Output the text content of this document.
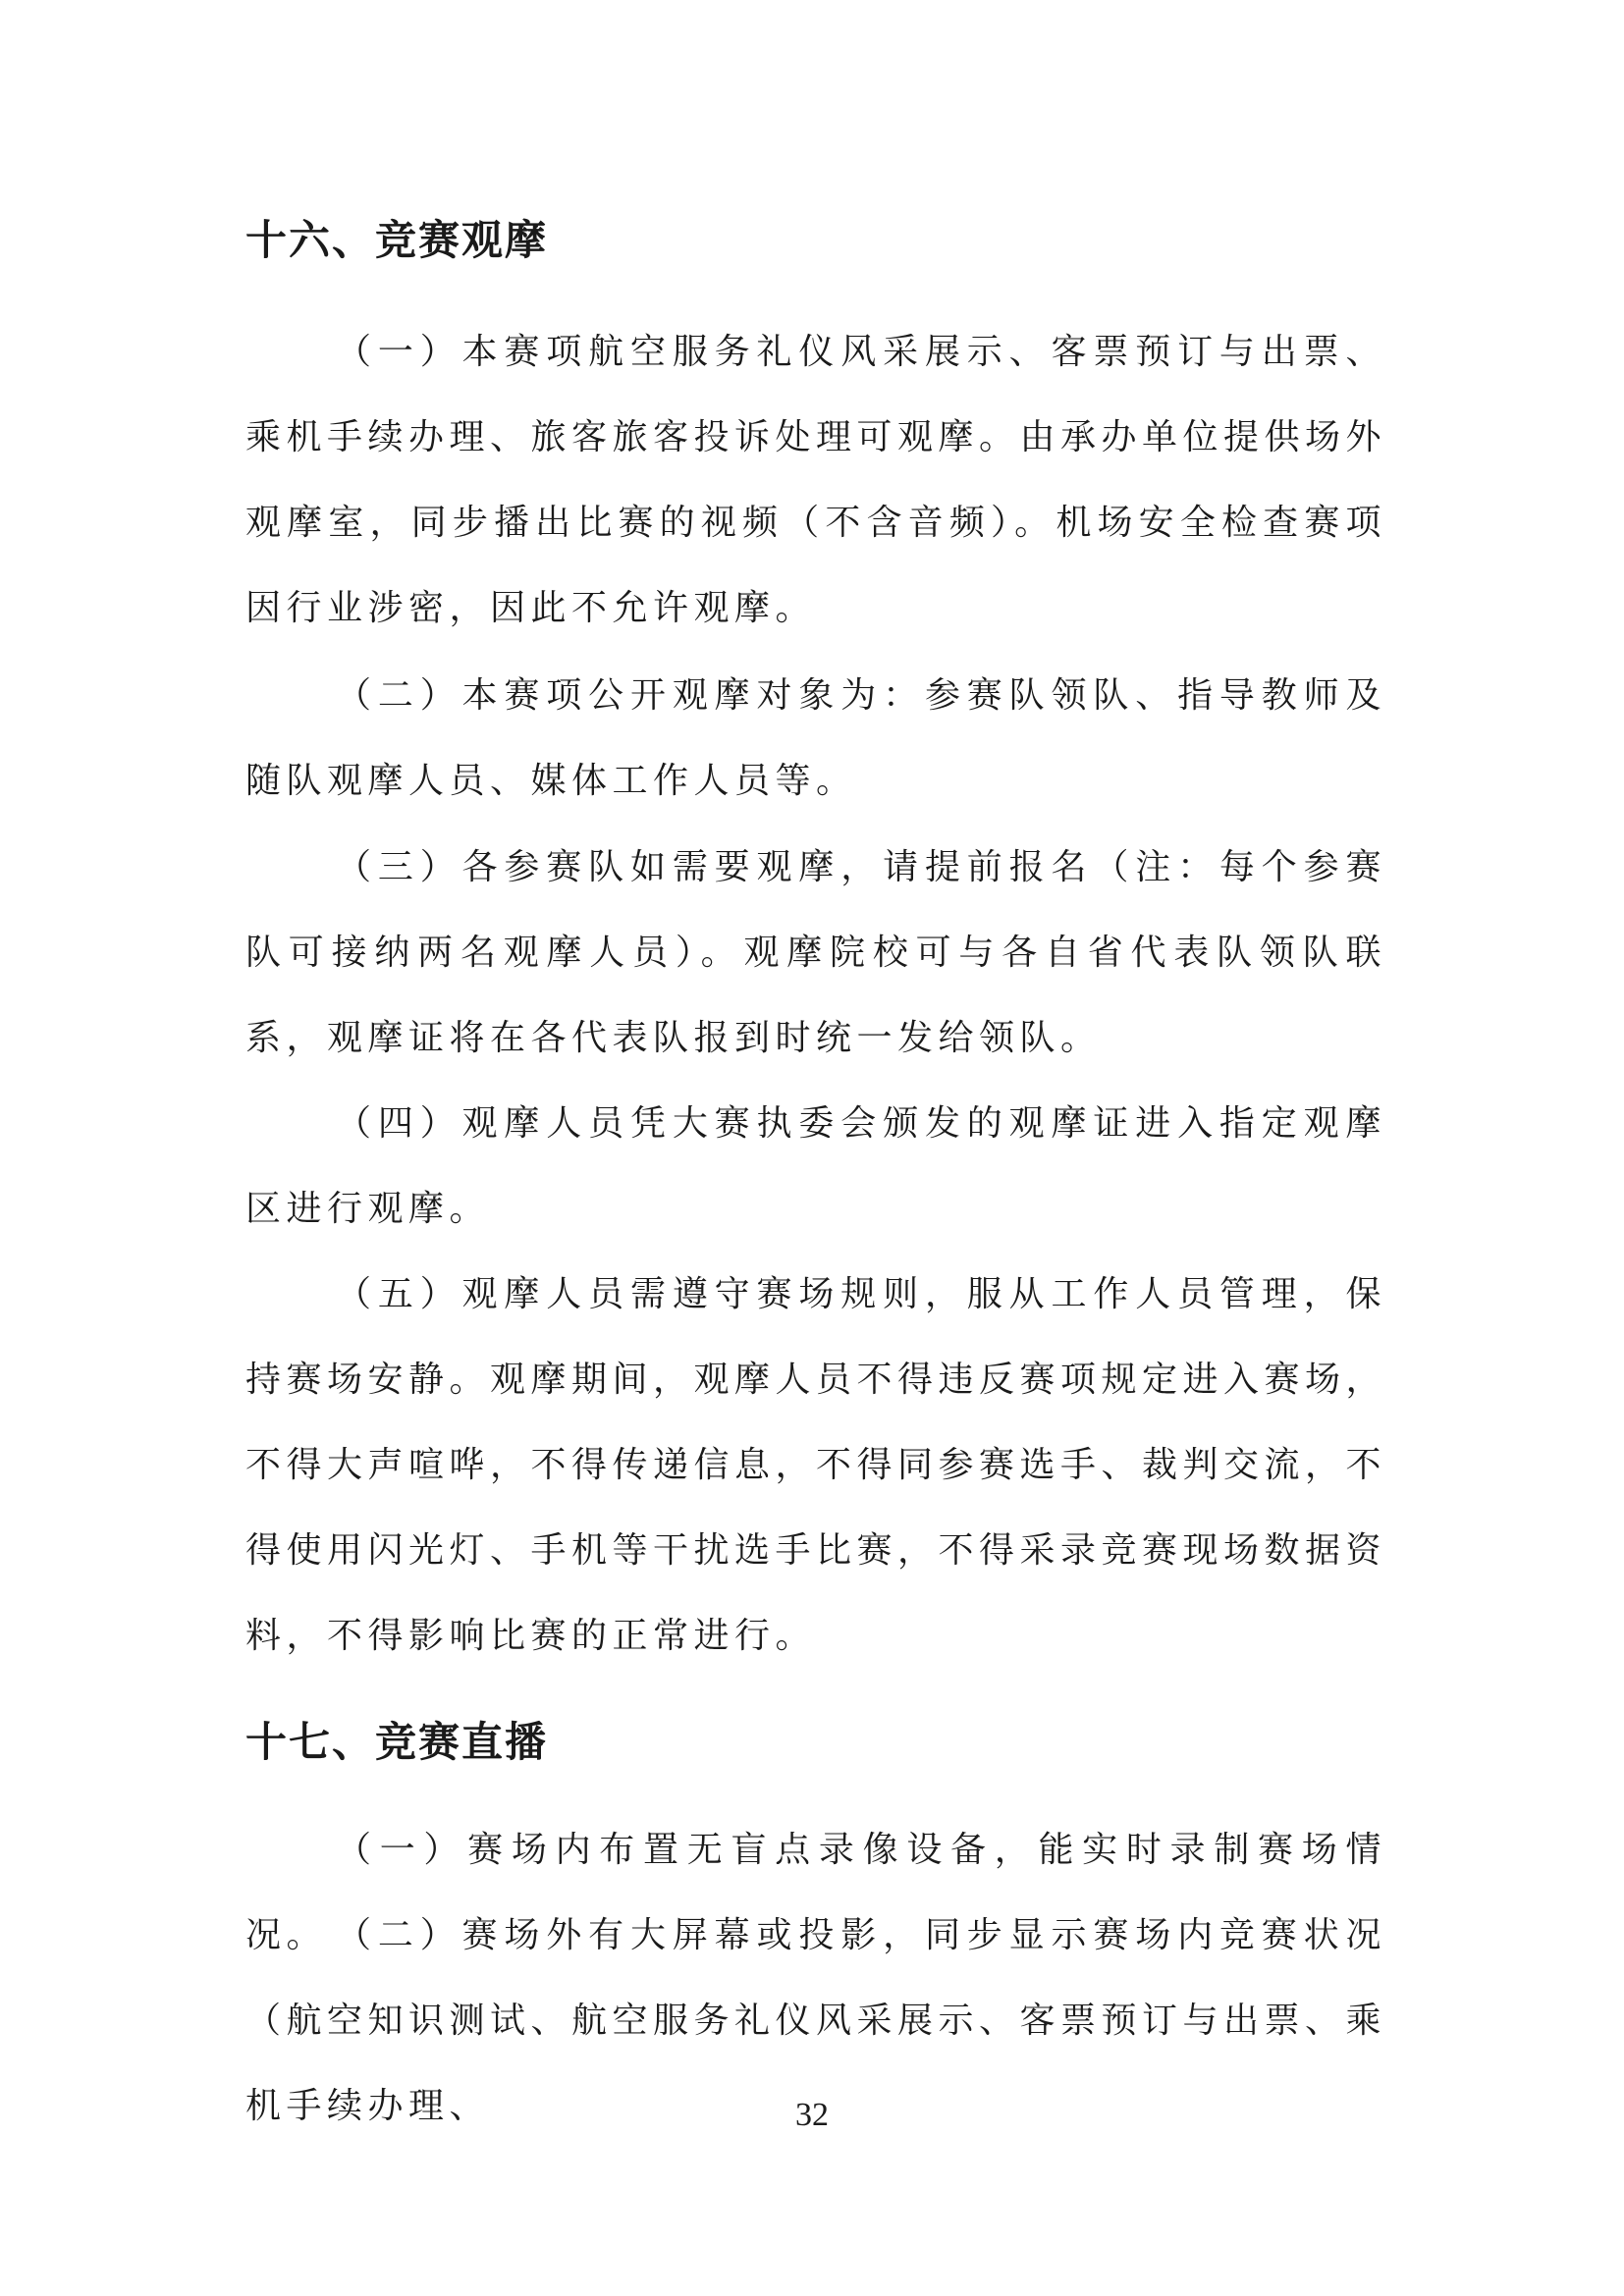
十六、竞赛观摩

（一）本赛项航空服务礼仪风采展示、客票预订与出票、乘机手续办理、旅客旅客投诉处理可观摩。由承办单位提供场外观摩室，同步播出比赛的视频（不含音频）。机场安全检查赛项因行业涉密，因此不允许观摩。

（二）本赛项公开观摩对象为：参赛队领队、指导教师及随队观摩人员、媒体工作人员等。

（三）各参赛队如需要观摩，请提前报名（注：每个参赛队可接纳两名观摩人员）。观摩院校可与各自省代表队领队联系，观摩证将在各代表队报到时统一发给领队。

（四）观摩人员凭大赛执委会颁发的观摩证进入指定观摩区进行观摩。

（五）观摩人员需遵守赛场规则，服从工作人员管理，保持赛场安静。观摩期间，观摩人员不得违反赛项规定进入赛场，不得大声喧哗，不得传递信息，不得同参赛选手、裁判交流，不得使用闪光灯、手机等干扰选手比赛，不得采录竞赛现场数据资料，不得影响比赛的正常进行。

十七、竞赛直播

（一）赛场内布置无盲点录像设备，能实时录制赛场情况。 （二）赛场外有大屏幕或投影，同步显示赛场内竞赛状况（航空知识测试、航空服务礼仪风采展示、客票预订与出票、乘机手续办理、	32
